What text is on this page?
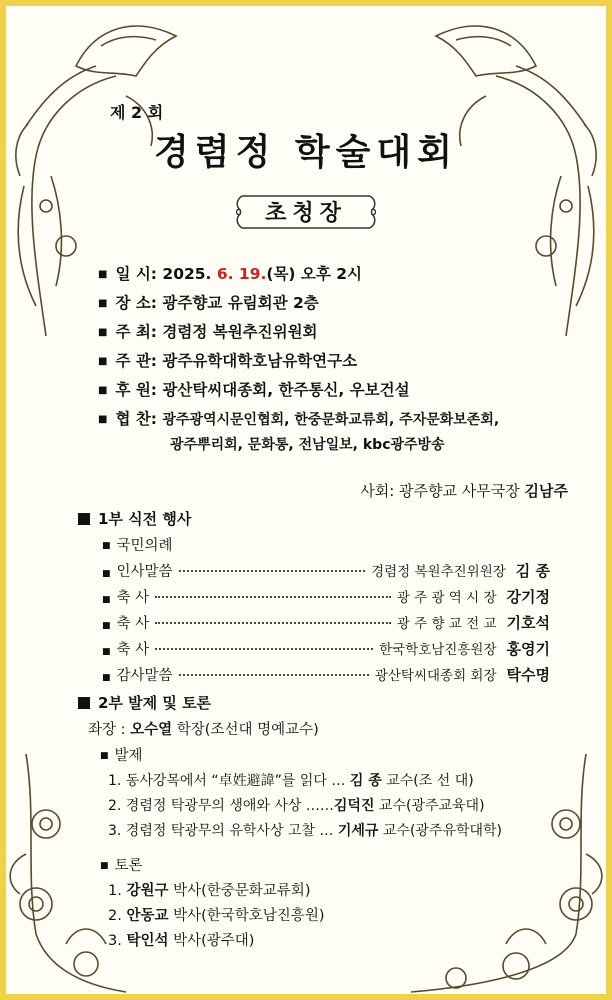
제 2 회
경렴정 학술대회
초청장
■ 일 시: 2025. 6. 19.(목) 오후 2시
■ 장 소: 광주향교 유림회관 2층
■ 주 최: 경렴정 복원추진위원회
■ 주 관: 광주유학대학호남유학연구소
■ 후 원: 광산탁씨대종회, 한주통신, 우보건설
■ 협 찬: 광주광역시문인협회, 한중문화교류회, 주자문화보존회,
광주뿌리회, 문화통, 전남일보, kbc광주방송
사회: 광주향교 사무국장 김남주
1부 식전 행사
■ 국민의례
■ 인사말씀	경렴정 복원추진위원장 김 종
■ 축 사	광 주 광 역 시 장 강기정
■ 축 사	광 주 향 교 전 교 기호석
■ 축 사	한국학호남진흥원장 홍영기
■ 감사말씀	광산탁씨대종회 회장 탁수명
2부 발제 및 토론
좌장 : 오수열 학장(조선대 명예교수)
■ 발제
1. 동사강목에서 “卓姓避諱”를 읽다 … 김 종 교수(조 선 대)
2. 경렴정 탁광무의 생애와 사상 ……김덕진 교수(광주교육대)
3. 경렴정 탁광무의 유학사상 고찰 … 기세규 교수(광주유학대학)
■ 토론
1. 강원구 박사(한중문화교류회)
2. 안동교 박사(한국학호남진흥원)
3. 탁인석 박사(광주대)
